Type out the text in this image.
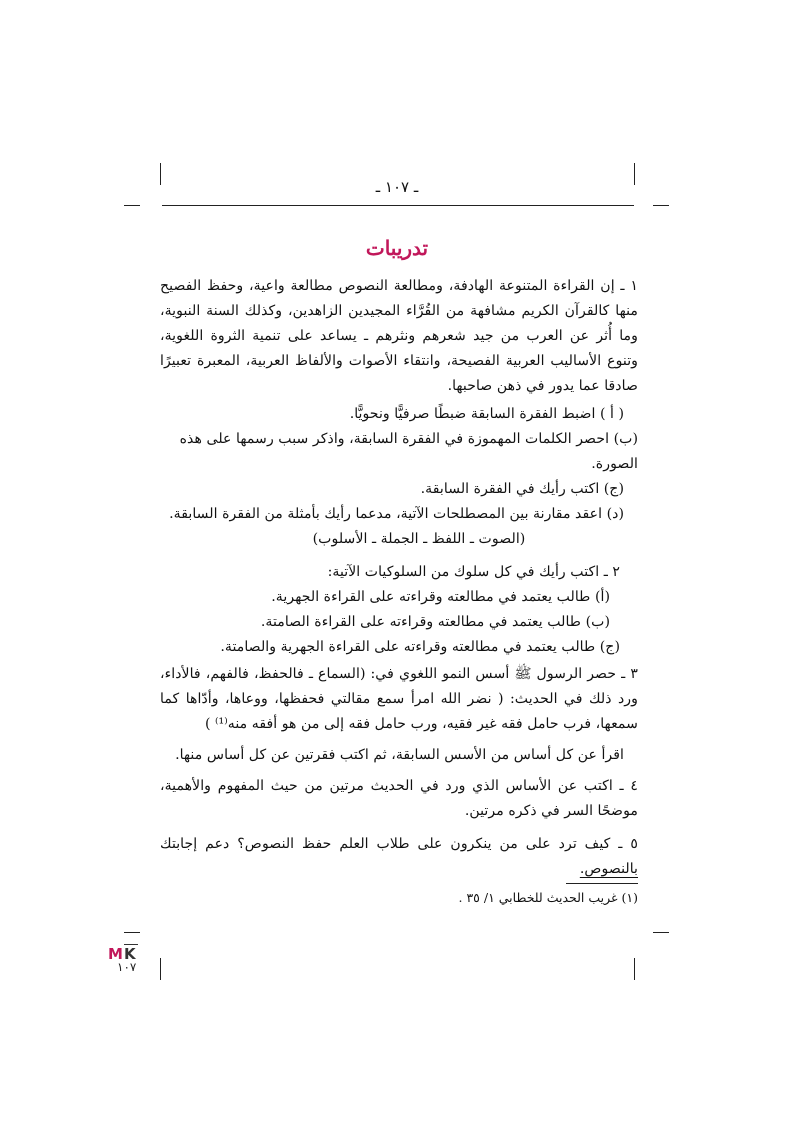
ـ ١٠٧ ـ
تدريبات

١ ـ إن القراءة المتنوعة الهادفة، ومطالعة النصوص مطالعة واعية، وحفظ الفصيح منها كالقرآن الكريم مشافهة من القُرَّاء المجيدين الزاهدين، وكذلك السنة النبوية، وما أُثر عن العرب من جيد شعرهم ونثرهم ـ يساعد على تنمية الثروة اللغوية، وتنوع الأساليب العربية الفصيحة، وانتقاء الأصوات والألفاظ العربية، المعبرة تعبيرًا صادقا عما يدور في ذهن صاحبها.

( أ ) اضبط الفقرة السابقة ضبطًا صرفيًّا ونحويًّا.

(ب) احصر الكلمات المهموزة في الفقرة السابقة، واذكر سبب رسمها على هذه الصورة.

(ج) اكتب رأيك في الفقرة السابقة.

(د) اعقد مقارنة بين المصطلحات الآتية، مدعما رأيك بأمثلة من الفقرة السابقة.

(الصوت ـ اللفظ ـ الجملة ـ الأسلوب)

٢ ـ اكتب رأيك في كل سلوك من السلوكيات الآتية:

(أ) طالب يعتمد في مطالعته وقراءته على القراءة الجهرية.

(ب) طالب يعتمد في مطالعته وقراءته على القراءة الصامتة.

(ج) طالب يعتمد في مطالعته وقراءته على القراءة الجهرية والصامتة.

٣ ـ حصر الرسول ﷺ أسس النمو اللغوي في: (السماع ـ فالحفظ، فالفهم، فالأداء، ورد ذلك في الحديث: ( نضر الله امرأ سمع مقالتي فحفظها، ووعاها، وأدّاها كما سمعها، فرب حامل فقه غير فقيه، ورب حامل فقه إلى من هو أفقه منه⁽¹⁾ )

اقرأ عن كل أساس من الأسس السابقة، ثم اكتب فقرتين عن كل أساس منها.

٤ ـ اكتب عن الأساس الذي ورد في الحديث مرتين من حيث المفهوم والأهمية، موضحًا السر في ذكره مرتين.

٥ ـ كيف ترد على من ينكرون على طلاب العلم حفظ النصوص؟ دعم إجابتك

بالنصوص.

(١) غريب الحديث للخطابي ١/ ٣٥ .

MK
١٠٧
